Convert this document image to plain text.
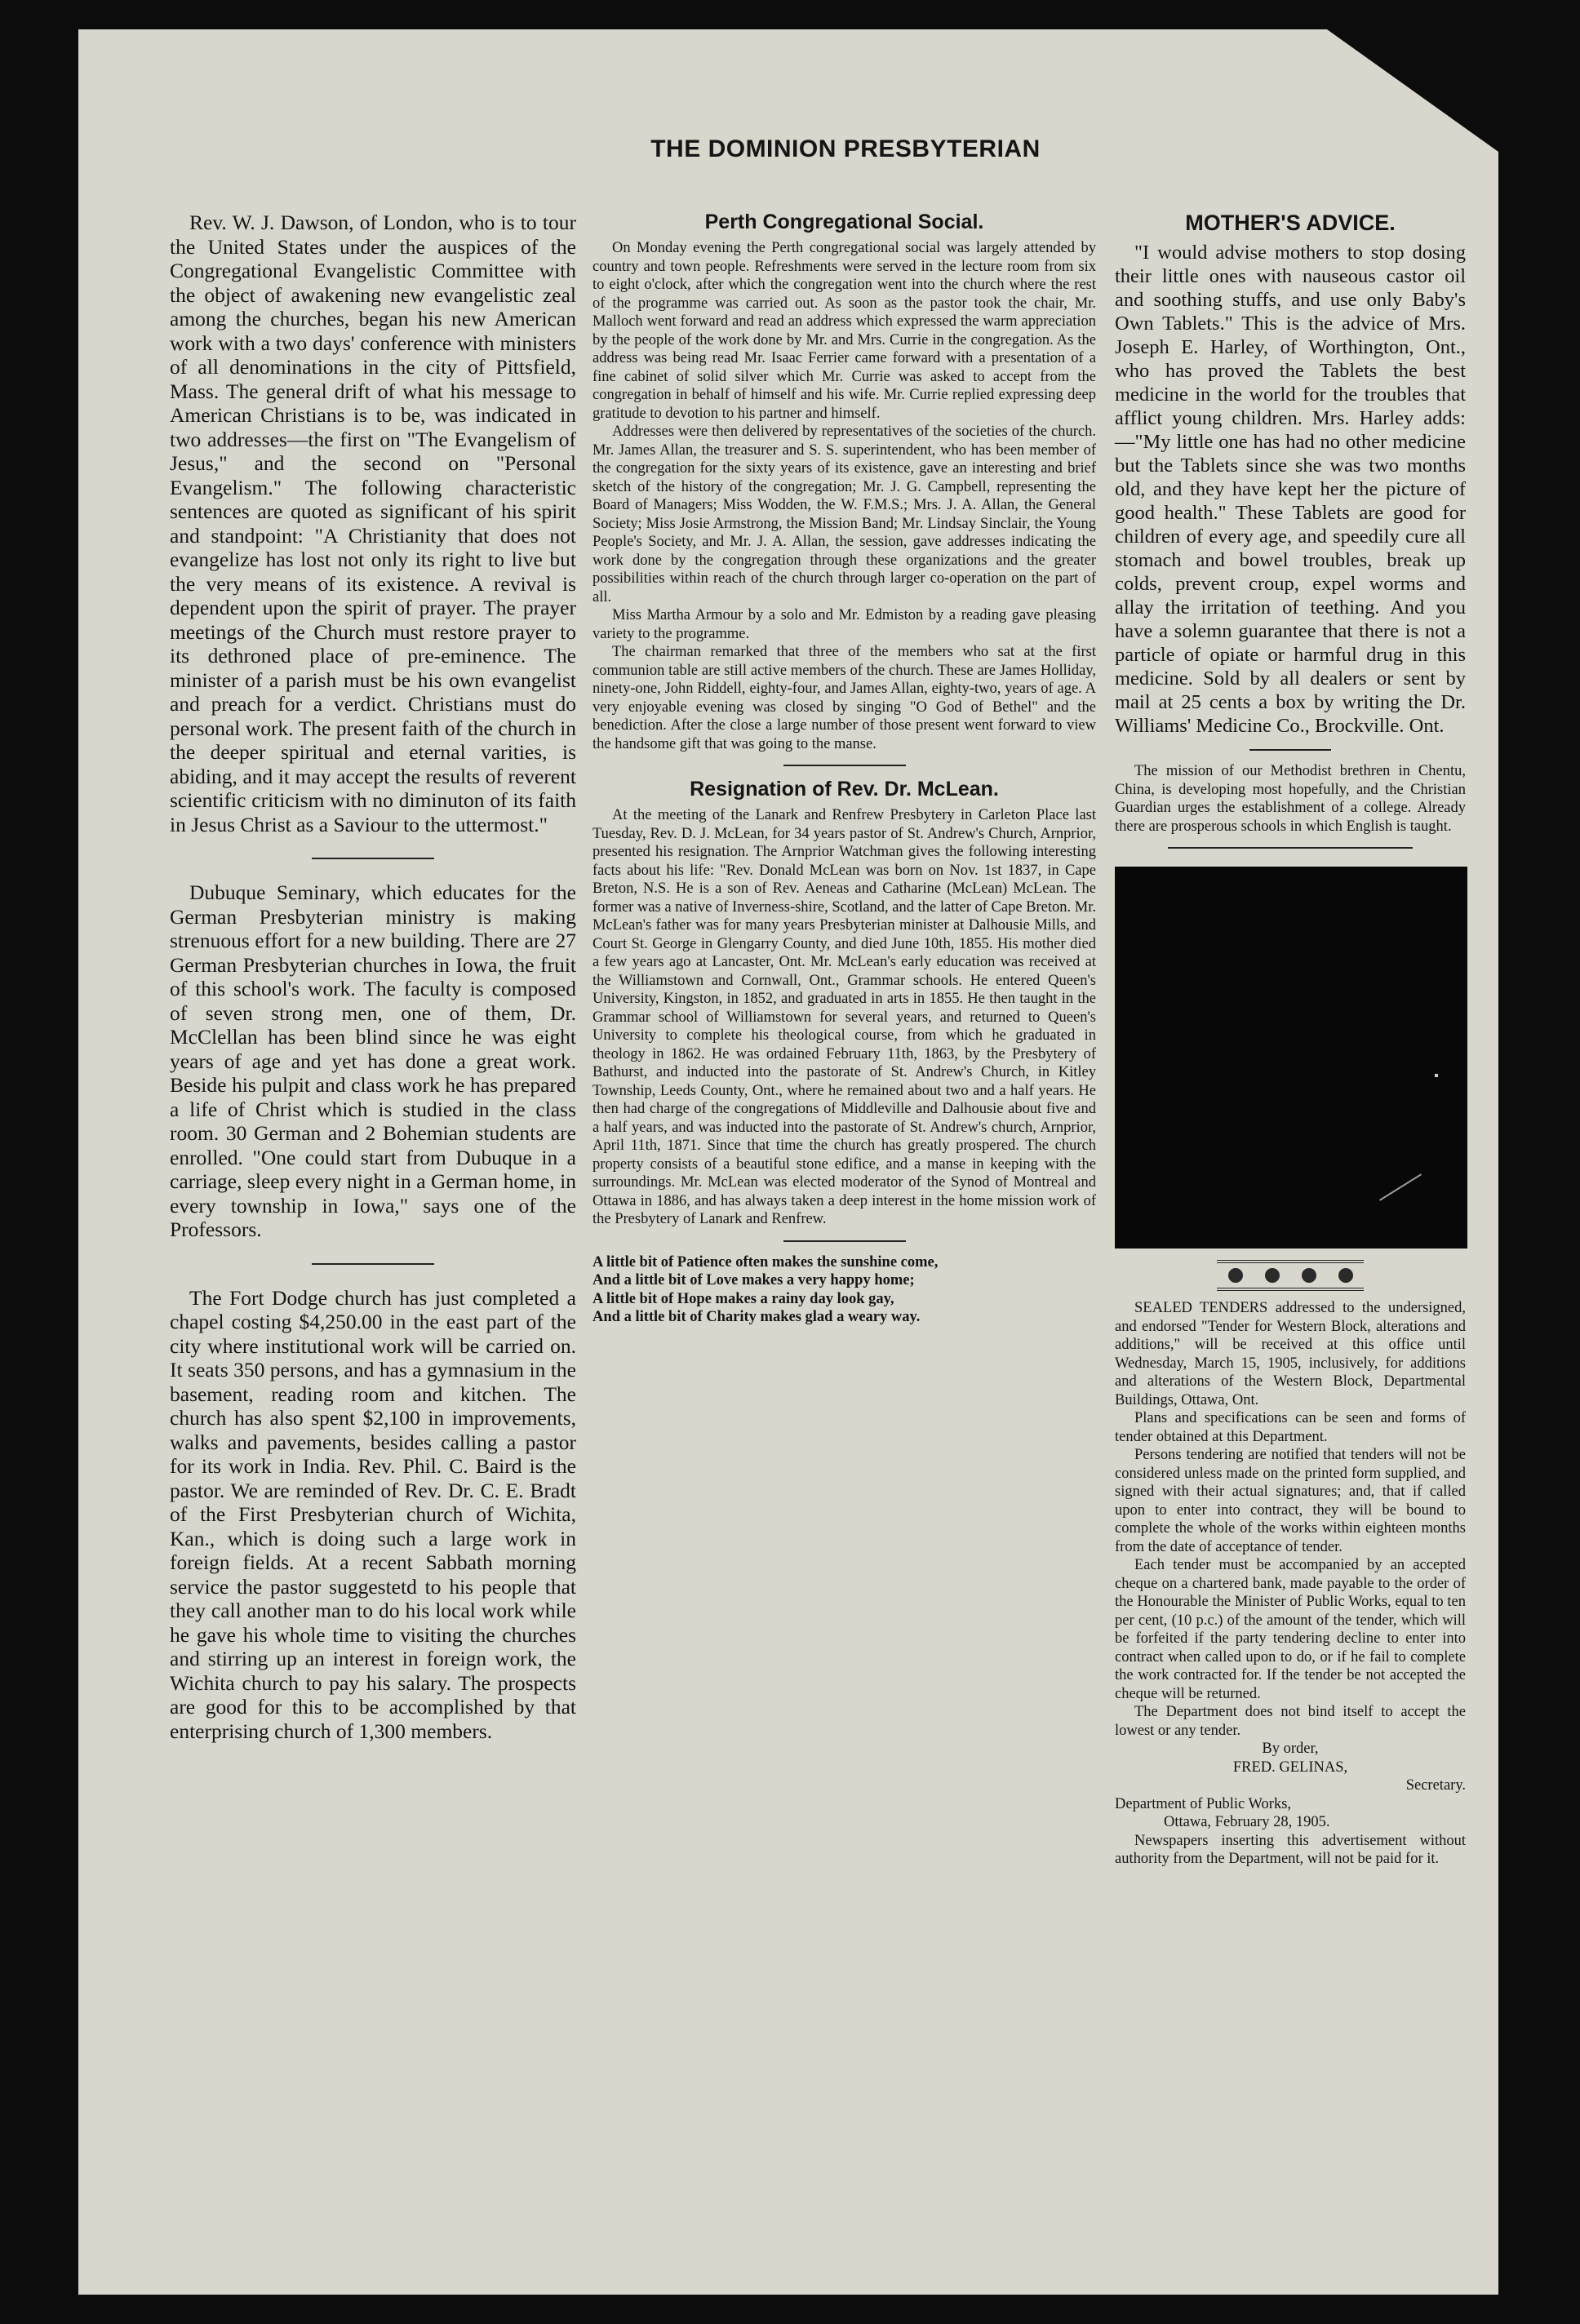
THE DOMINION PRESBYTERIAN

Rev. W. J. Dawson, of London, who is to tour the United States under the auspices of the Congregational Evangelistic Committee with the object of awakening new evangelistic zeal among the churches, began his new American work with a two days' conference with ministers of all denominations in the city of Pittsfield, Mass. The general drift of what his message to American Christians is to be, was indicated in two addresses—the first on "The Evangelism of Jesus," and the second on "Personal Evangelism." The following characteristic sentences are quoted as significant of his spirit and standpoint: "A Christianity that does not evangelize has lost not only its right to live but the very means of its existence. A revival is dependent upon the spirit of prayer. The prayer meetings of the Church must restore prayer to its dethroned place of pre-eminence. The minister of a parish must be his own evangelist and preach for a verdict. Christians must do personal work. The present faith of the church in the deeper spiritual and eternal varities, is abiding, and it may accept the results of reverent scientific criticism with no diminuton of its faith in Jesus Christ as a Saviour to the uttermost."

Dubuque Seminary, which educates for the German Presbyterian ministry is making strenuous effort for a new building. There are 27 German Presbyterian churches in Iowa, the fruit of this school's work. The faculty is composed of seven strong men, one of them, Dr. McClellan has been blind since he was eight years of age and yet has done a great work. Beside his pulpit and class work he has prepared a life of Christ which is studied in the class room. 30 German and 2 Bohemian students are enrolled. "One could start from Dubuque in a carriage, sleep every night in a German home, in every township in Iowa," says one of the Professors.

The Fort Dodge church has just completed a chapel costing $4,250.00 in the east part of the city where institutional work will be carried on. It seats 350 persons, and has a gymnasium in the basement, reading room and kitchen. The church has also spent $2,100 in improvements, walks and pavements, besides calling a pastor for its work in India. Rev. Phil. C. Baird is the pastor. We are reminded of Rev. Dr. C. E. Bradt of the First Presbyterian church of Wichita, Kan., which is doing such a large work in foreign fields. At a recent Sabbath morning service the pastor suggestetd to his people that they call another man to do his local work while he gave his whole time to visiting the churches and stirring up an interest in foreign work, the Wichita church to pay his salary. The prospects are good for this to be accomplished by that enterprising church of 1,300 members.

Perth Congregational Social.

On Monday evening the Perth congregational social was largely attended by country and town people. Refreshments were served in the lecture room from six to eight o'clock, after which the congregation went into the church where the rest of the programme was carried out. As soon as the pastor took the chair, Mr. Malloch went forward and read an address which expressed the warm appreciation by the people of the work done by Mr. and Mrs. Currie in the congregation. As the address was being read Mr. Isaac Ferrier came forward with a presentation of a fine cabinet of solid silver which Mr. Currie was asked to accept from the congregation in behalf of himself and his wife. Mr. Currie replied expressing deep gratitude to devotion to his partner and himself.

Addresses were then delivered by representatives of the societies of the church. Mr. James Allan, the treasurer and S. S. superintendent, who has been member of the congregation for the sixty years of its existence, gave an interesting and brief sketch of the history of the congregation; Mr. J. G. Campbell, representing the Board of Managers; Miss Wodden, the W. F.M.S.; Mrs. J. A. Allan, the General Society; Miss Josie Armstrong, the Mission Band; Mr. Lindsay Sinclair, the Young People's Society, and Mr. J. A. Allan, the session, gave addresses indicating the work done by the congregation through these organizations and the greater possibilities within reach of the church through larger co-operation on the part of all.

Miss Martha Armour by a solo and Mr. Edmiston by a reading gave pleasing variety to the programme.

The chairman remarked that three of the members who sat at the first communion table are still active members of the church. These are James Holliday, ninety-one, John Riddell, eighty-four, and James Allan, eighty-two, years of age. A very enjoyable evening was closed by singing "O God of Bethel" and the benediction. After the close a large number of those present went forward to view the handsome gift that was going to the manse.

Resignation of Rev. Dr. McLean.

At the meeting of the Lanark and Renfrew Presbytery in Carleton Place last Tuesday, Rev. D. J. McLean, for 34 years pastor of St. Andrew's Church, Arnprior, presented his resignation. The Arnprior Watchman gives the following interesting facts about his life: "Rev. Donald McLean was born on Nov. 1st 1837, in Cape Breton, N.S. He is a son of Rev. Aeneas and Catharine (McLean) McLean. The former was a native of Inverness-shire, Scotland, and the latter of Cape Breton. Mr. McLean's father was for many years Presbyterian minister at Dalhousie Mills, and Court St. George in Glengarry County, and died June 10th, 1855. His mother died a few years ago at Lancaster, Ont. Mr. McLean's early education was received at the Williamstown and Cornwall, Ont., Grammar schools. He entered Queen's University, Kingston, in 1852, and graduated in arts in 1855. He then taught in the Grammar school of Williamstown for several years, and returned to Queen's University to complete his theological course, from which he graduated in theology in 1862. He was ordained February 11th, 1863, by the Presbytery of Bathurst, and inducted into the pastorate of St. Andrew's Church, in Kitley Township, Leeds County, Ont., where he remained about two and a half years. He then had charge of the congregations of Middleville and Dalhousie about five and a half years, and was inducted into the pastorate of St. Andrew's church, Arnprior, April 11th, 1871. Since that time the church has greatly prospered. The church property consists of a beautiful stone edifice, and a manse in keeping with the surroundings. Mr. McLean was elected moderator of the Synod of Montreal and Ottawa in 1886, and has always taken a deep interest in the home mission work of the Presbytery of Lanark and Renfrew.

A little bit of Patience often makes the sunshine come,

And a little bit of Love makes a very happy home;

A little bit of Hope makes a rainy day look gay,

And a little bit of Charity makes glad a weary way.

MOTHER'S ADVICE.

"I would advise mothers to stop dosing their little ones with nauseous castor oil and soothing stuffs, and use only Baby's Own Tablets." This is the advice of Mrs. Joseph E. Harley, of Worthington, Ont., who has proved the Tablets the best medicine in the world for the troubles that afflict young children. Mrs. Harley adds:—"My little one has had no other medicine but the Tablets since she was two months old, and they have kept her the picture of good health." These Tablets are good for children of every age, and speedily cure all stomach and bowel troubles, break up colds, prevent croup, expel worms and allay the irritation of teething. And you have a solemn guarantee that there is not a particle of opiate or harmful drug in this medicine. Sold by all dealers or sent by mail at 25 cents a box by writing the Dr. Williams' Medicine Co., Brockville. Ont.

The mission of our Methodist brethren in Chentu, China, is developing most hopefully, and the Christian Guardian urges the establishment of a college. Already there are prosperous schools in which English is taught.

SEALED TENDERS addressed to the undersigned, and endorsed "Tender for Western Block, alterations and additions," will be received at this office until Wednesday, March 15, 1905, inclusively, for additions and alterations of the Western Block, Departmental Buildings, Ottawa, Ont.

Plans and specifications can be seen and forms of tender obtained at this Department.

Persons tendering are notified that tenders will not be considered unless made on the printed form supplied, and signed with their actual signatures; and, that if called upon to enter into contract, they will be bound to complete the whole of the works within eighteen months from the date of acceptance of tender.

Each tender must be accompanied by an accepted cheque on a chartered bank, made payable to the order of the Honourable the Minister of Public Works, equal to ten per cent, (10 p.c.) of the amount of the tender, which will be forfeited if the party tendering decline to enter into contract when called upon to do, or if he fail to complete the work contracted for. If the tender be not accepted the cheque will be returned.

The Department does not bind itself to accept the lowest or any tender.

By order,

FRED. GELINAS,

Secretary.

Department of Public Works,

Ottawa, February 28, 1905.

Newspapers inserting this advertisement without authority from the Department, will not be paid for it.
